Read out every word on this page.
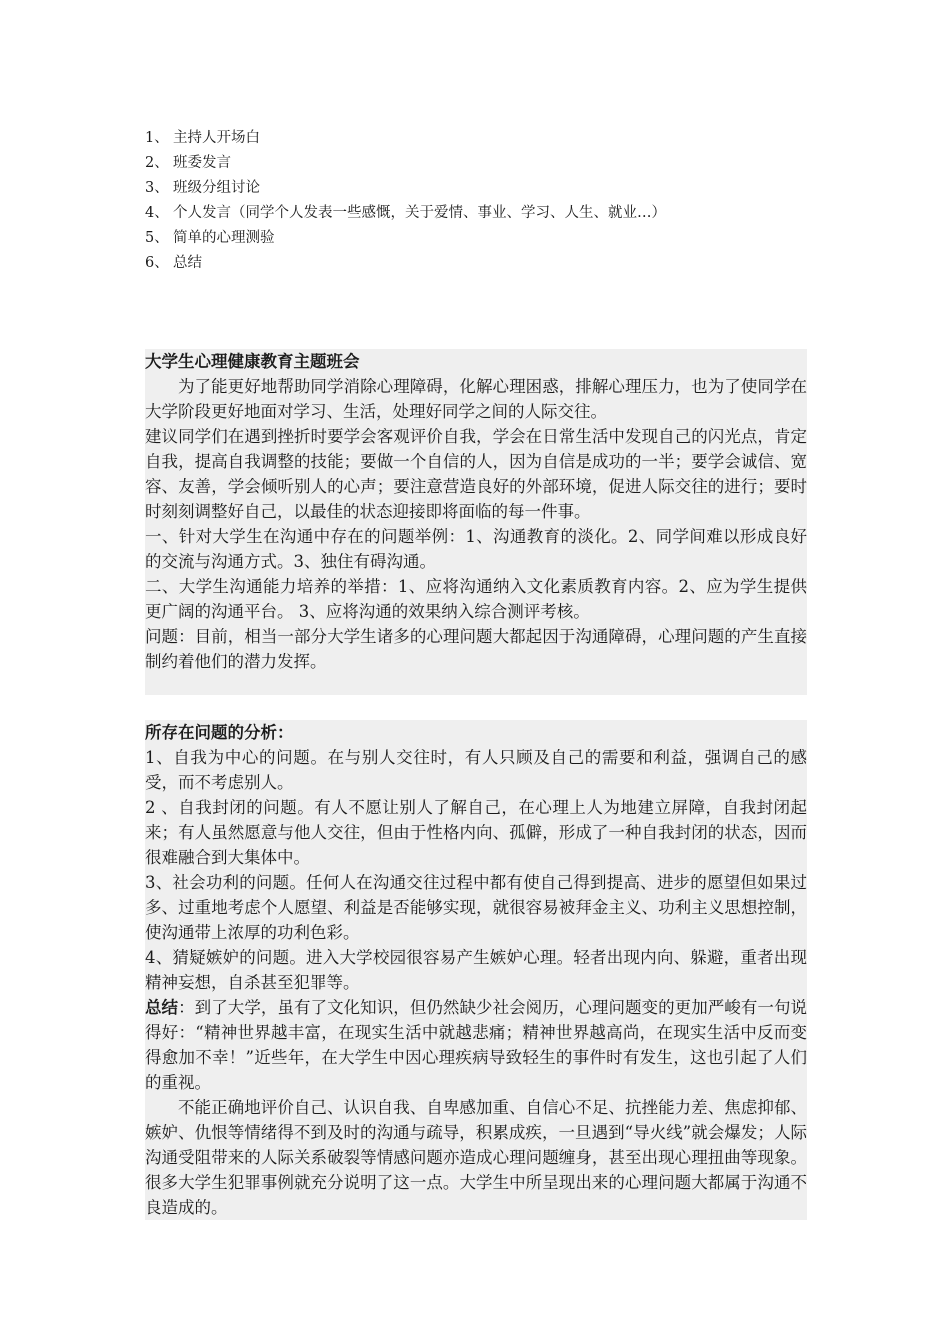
1、 主持人开场白
2、 班委发言
3、 班级分组讨论
4、 个人发言（同学个人发表一些感慨，关于爱情、事业、学习、人生、就业…）
5、 简单的心理测验
6、 总结

大学生心理健康教育主题班会

为了能更好地帮助同学消除心理障碍，化解心理困惑，排解心理压力，也为了使同学在大学阶段更好地面对学习、生活，处理好同学之间的人际交往。

建议同学们在遇到挫折时要学会客观评价自我，学会在日常生活中发现自己的闪光点，肯定自我，提高自我调整的技能；要做一个自信的人，因为自信是成功的一半；要学会诚信、宽容、友善，学会倾听别人的心声；要注意营造良好的外部环境，促进人际交往的进行；要时时刻刻调整好自己，以最佳的状态迎接即将面临的每一件事。

一、针对大学生在沟通中存在的问题举例：1、沟通教育的淡化。2、同学间难以形成良好的交流与沟通方式。3、独住有碍沟通。

二、大学生沟通能力培养的举措：1、应将沟通纳入文化素质教育内容。2、应为学生提供更广阔的沟通平台。 3、应将沟通的效果纳入综合测评考核。

问题：目前，相当一部分大学生诸多的心理问题大都起因于沟通障碍，心理问题的产生直接制约着他们的潜力发挥。

所存在问题的分析：

1、自我为中心的问题。在与别人交往时，有人只顾及自己的需要和利益，强调自己的感受，而不考虑别人。

2 、自我封闭的问题。有人不愿让别人了解自己，在心理上人为地建立屏障，自我封闭起来；有人虽然愿意与他人交往，但由于性格内向、孤僻，形成了一种自我封闭的状态，因而很难融合到大集体中。

3、社会功利的问题。任何人在沟通交往过程中都有使自己得到提高、进步的愿望但如果过多、过重地考虑个人愿望、利益是否能够实现，就很容易被拜金主义、功利主义思想控制，使沟通带上浓厚的功利色彩。

4、猜疑嫉妒的问题。进入大学校园很容易产生嫉妒心理。轻者出现内向、躲避，重者出现精神妄想，自杀甚至犯罪等。

总结：到了大学，虽有了文化知识，但仍然缺少社会阅历，心理问题变的更加严峻有一句说得好：“精神世界越丰富，在现实生活中就越悲痛；精神世界越高尚，在现实生活中反而变得愈加不幸！”近些年，在大学生中因心理疾病导致轻生的事件时有发生，这也引起了人们的重视。

不能正确地评价自己、认识自我、自卑感加重、自信心不足、抗挫能力差、焦虑抑郁、嫉妒、仇恨等情绪得不到及时的沟通与疏导，积累成疾，一旦遇到“导火线”就会爆发；人际沟通受阻带来的人际关系破裂等情感问题亦造成心理问题缠身，甚至出现心理扭曲等现象。很多大学生犯罪事例就充分说明了这一点。大学生中所呈现出来的心理问题大都属于沟通不良造成的。
